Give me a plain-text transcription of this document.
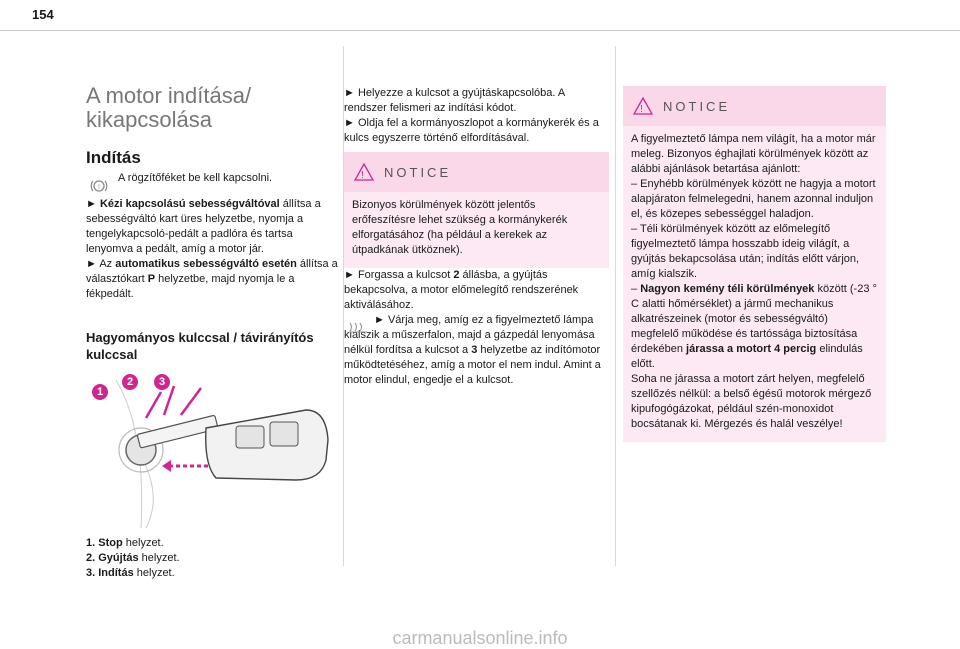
154
A motor indítása/
kikapcsolása
Indítás
!
A rögzítőféket be kell kapcsolni.
► Kézi kapcsolású sebességváltóval állítsa a sebességváltó kart üres helyzetbe, nyomja a tengelykapcsoló-pedált a padlóra és tartsa lenyomva a pedált, amíg a motor jár.
► Az automatikus sebességváltó esetén állítsa a választókart P helyzetbe, majd nyomja le a fékpedált.
Hagyományos kulccsal / távirányítós kulccsal
1
2	3
1. Stop helyzet.
2. Gyújtás helyzet.
3. Indítás helyzet.
► Helyezze a kulcsot a gyújtáskapcsolóba. A rendszer felismeri az indítási kódot.
► Oldja fel a kormányoszlopot a kormánykerék és a kulcs egyszerre történő elfordításával.
! NOTICE
Bizonyos körülmények között jelentős erőfeszítésre lehet szükség a kormánykerék elforgatásához (ha például a kerekek az útpadkának ütköznek).
► Forgassa a kulcsot 2 állásba, a gyújtás bekapcsolva, a motor előmelegítő rendszerének aktiválásához.
► Várja meg, amíg ez a figyelmeztető lámpa kialszik a műszerfalon, majd a gázpedál lenyomása nélkül fordítsa a kulcsot a 3 helyzetbe az indítómotor működtetéséhez, amíg a motor el nem indul. Amint a motor elindul, engedje el a kulcsot.
! NOTICE
A figyelmeztető lámpa nem világít, ha a motor már meleg. Bizonyos éghajlati körülmények között az alábbi ajánlások betartása ajánlott:
– Enyhébb körülmények között ne hagyja a motort alapjáraton felmelegedni, hanem azonnal induljon el, és közepes sebességgel haladjon.
– Téli körülmények között az előmelegítő figyelmeztető lámpa hosszabb ideig világít, a gyújtás bekapcsolása után; indítás előtt várjon, amíg kialszik.
– Nagyon kemény téli körülmények között (-23 ° C alatti hőmérséklet) a jármű mechanikus alkatrészeinek (motor és sebességváltó) megfelelő működése és tartóssága biztosítása érdekében járassa a motort 4 percig elindulás előtt.
Soha ne járassa a motort zárt helyen, megfelelő szellőzés nélkül: a belső égésű motorok mérgező kipufogógázokat, például szén-monoxidot bocsátanak ki. Mérgezés és halál veszélye!
carmanualsonline.info
